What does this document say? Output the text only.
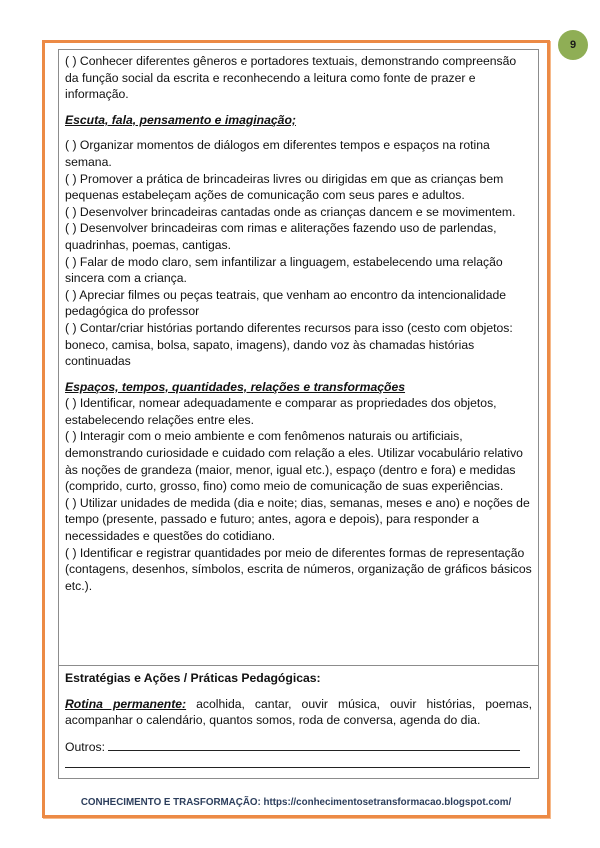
9

( ) Conhecer diferentes gêneros e portadores textuais, demonstrando compreensão da função social da escrita e reconhecendo a leitura como fonte de prazer e informação.

Escuta, fala, pensamento e imaginação;

( ) Organizar momentos de diálogos em diferentes tempos e espaços na rotina semana.

( ) Promover a prática de brincadeiras livres ou dirigidas em que as crianças bem pequenas estabeleçam ações de comunicação com seus pares e adultos.

( ) Desenvolver brincadeiras cantadas onde as crianças dancem e se movimentem.

( ) Desenvolver brincadeiras com rimas e aliterações fazendo uso de parlendas, quadrinhas, poemas, cantigas.

( ) Falar de modo claro, sem infantilizar a linguagem, estabelecendo uma relação sincera com a criança.

( ) Apreciar filmes ou peças teatrais, que venham ao encontro da intencionalidade pedagógica do professor

( ) Contar/criar histórias portando diferentes recursos para isso (cesto com objetos: boneco, camisa, bolsa, sapato, imagens), dando voz às chamadas histórias continuadas

Espaços, tempos, quantidades, relações e transformações

( ) Identificar, nomear adequadamente e comparar as propriedades dos objetos, estabelecendo relações entre eles.

( ) Interagir com o meio ambiente e com fenômenos naturais ou artificiais, demonstrando curiosidade e cuidado com relação a eles. Utilizar vocabulário relativo às noções de grandeza (maior, menor, igual etc.), espaço (dentro e fora) e medidas (comprido, curto, grosso, fino) como meio de comunicação de suas experiências.

( ) Utilizar unidades de medida (dia e noite; dias, semanas, meses e ano) e noções de tempo (presente, passado e futuro; antes, agora e depois), para responder a necessidades e questões do cotidiano.

( ) Identificar e registrar quantidades por meio de diferentes formas de representação (contagens, desenhos, símbolos, escrita de números, organização de gráficos básicos etc.).

Estratégias e Ações / Práticas Pedagógicas:

Rotina permanente: acolhida, cantar, ouvir música, ouvir histórias, poemas, acompanhar o calendário, quantos somos, roda de conversa, agenda do dia.

Outros:

CONHECIMENTO E TRASFORMAÇÃO: https://conhecimentosetransformacao.blogspot.com/
